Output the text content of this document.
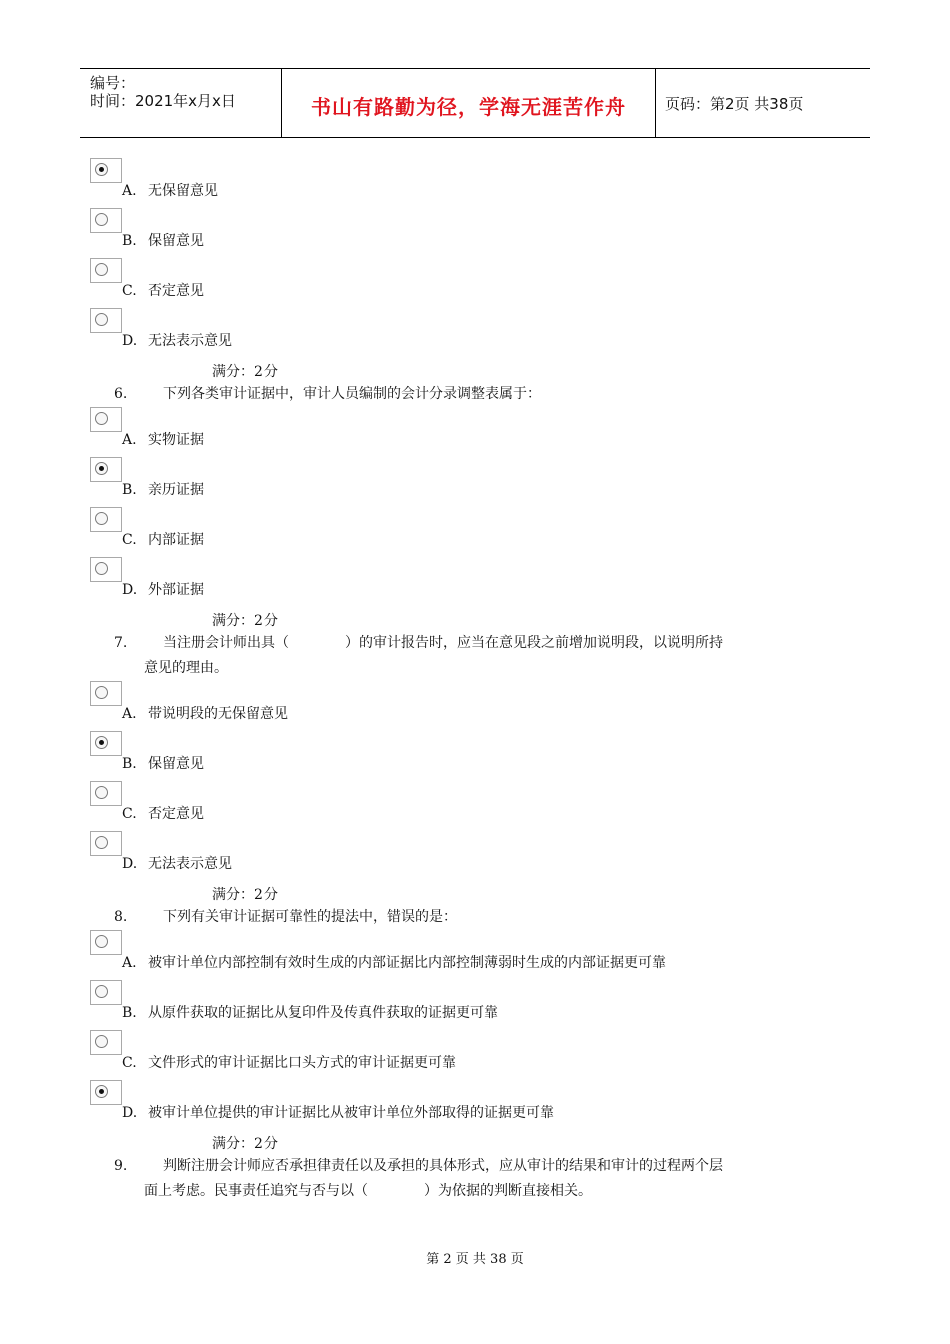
编号：
时间：2021年x月x日	书山有路勤为径，学海无涯苦作舟	页码：第2页 共38页
A. 无保留意见
B. 保留意见
C. 否定意见
D. 无法表示意见
满分：2　分
6.	下列各类审计证据中，审计人员编制的会计分录调整表属于：
A. 实物证据
B. 亲历证据
C. 内部证据
D. 外部证据
满分：2　分
7.	当注册会计师出具（　　　　）的审计报告时，应当在意见段之前增加说明段，以说明所持
意见的理由。
A. 带说明段的无保留意见
B. 保留意见
C. 否定意见
D. 无法表示意见
满分：2　分
8.	下列有关审计证据可靠性的提法中，错误的是：
A. 被审计单位内部控制有效时生成的内部证据比内部控制薄弱时生成的内部证据更可靠
B. 从原件获取的证据比从复印件及传真件获取的证据更可靠
C. 文件形式的审计证据比口头方式的审计证据更可靠
D. 被审计单位提供的审计证据比从被审计单位外部取得的证据更可靠
满分：2　分
9.	判断注册会计师应否承担律责任以及承担的具体形式，应从审计的结果和审计的过程两个层
面上考虑。民事责任追究与否与以（　　　　）为依据的判断直接相关。
第 2 页 共 38 页
